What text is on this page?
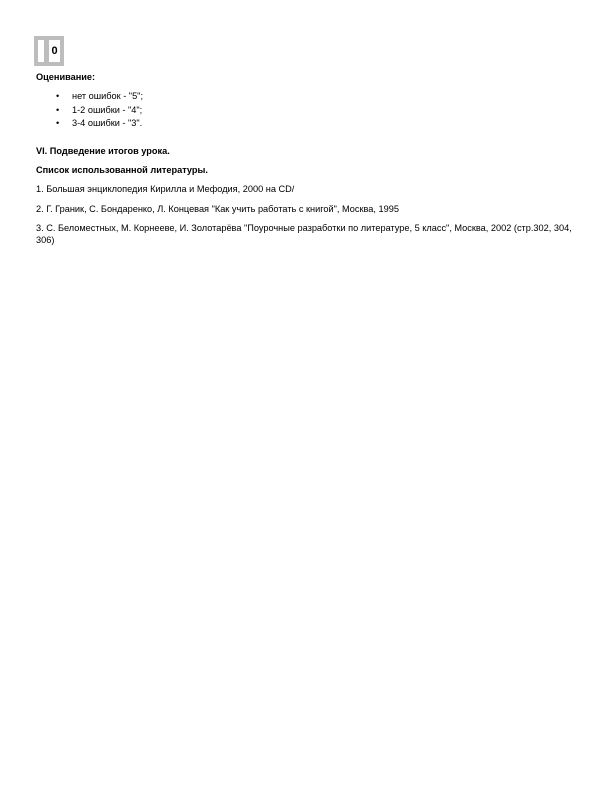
0
Оценивание:
• нет ошибок - "5";
• 1-2 ошибки - "4";
• 3-4 ошибки - "3".
VI. Подведение итогов урока.
Список использованной литературы.
1. Большая энциклопедия Кирилла и Мефодия, 2000 на CD/
2. Г. Граник, С. Бондаренко, Л. Концевая "Как учить работать с книгой", Москва, 1995
3. С. Беломестных, М. Корнееве, И. Золотарёва "Поурочные разработки по литературе, 5 класс", Москва, 2002 (стр.302, 304, 306)
